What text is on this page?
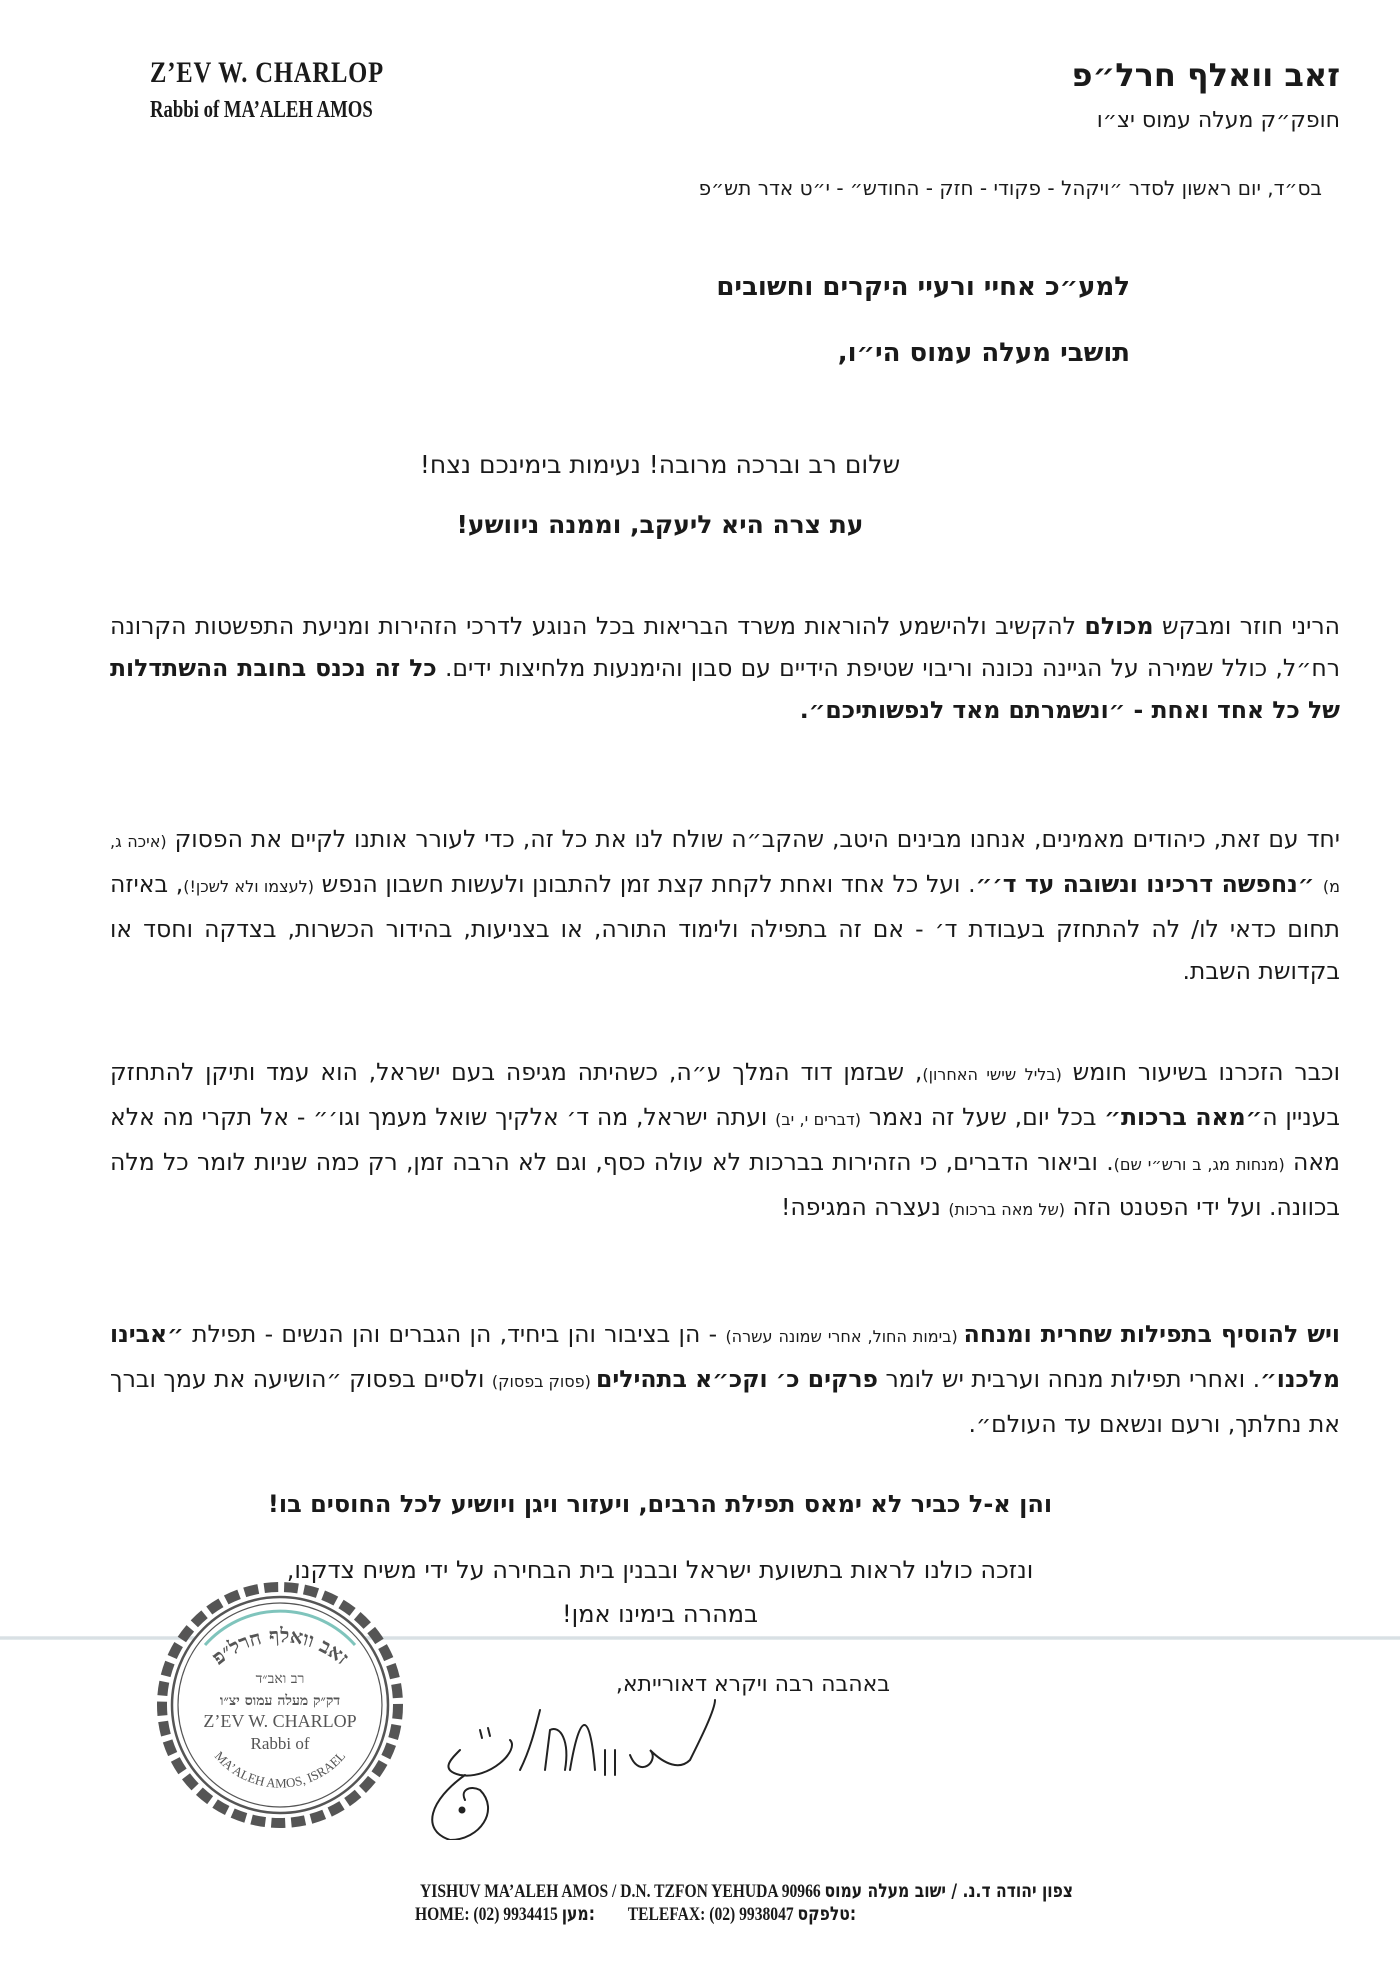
Z’EV W. CHARLOP
Rabbi of MA’ALEH AMOS
זאב וואלף חרל״פ
חופק״ק מעלה עמוס יצ״ו
בס״ד, יום ראשון לסדר ״ויקהל - פקודי - חזק - החודש״ - י״ט אדר תש״פ
למע״כ אחיי ורעיי היקרים וחשובים
תושבי מעלה עמוס הי״ו,
שלום רב וברכה מרובה! נעימות בימינכם נצח!
עת צרה היא ליעקב, וממנה ניוושע!
הריני חוזר ומבקש מכולם להקשיב ולהישמע להוראות משרד הבריאות בכל הנוגע לדרכי הזהירות ומניעת התפשטות הקרונה רח״ל, כולל שמירה על הגיינה נכונה וריבוי שטיפת הידיים עם סבון והימנעות מלחיצות ידים. כל זה נכנס בחובת ההשתדלות של כל אחד ואחת - ״ונשמרתם מאד לנפשותיכם״.
יחד עם זאת, כיהודים מאמינים, אנחנו מבינים היטב, שהקב״ה שולח לנו את כל זה, כדי לעורר אותנו לקיים את הפסוק (איכה ג, מ) ״נחפשה דרכינו ונשובה עד ד׳״. ועל כל אחד ואחת לקחת קצת זמן להתבונן ולעשות חשבון הנפש (לעצמו ולא לשכן!), באיזה תחום כדאי לו/ לה להתחזק בעבודת ד׳ - אם זה בתפילה ולימוד התורה, או בצניעות, בהידור הכשרות, בצדקה וחסד או בקדושת השבת.
וכבר הזכרנו בשיעור חומש (בליל שישי האחרון), שבזמן דוד המלך ע״ה, כשהיתה מגיפה בעם ישראל, הוא עמד ותיקן להתחזק בעניין ה״מאה ברכות״ בכל יום, שעל זה נאמר (דברים י, יב) ועתה ישראל, מה ד׳ אלקיך שואל מעמך וגו׳״ - אל תקרי מה אלא מאה (מנחות מג, ב ורש״י שם). וביאור הדברים, כי הזהירות בברכות לא עולה כסף, וגם לא הרבה זמן, רק כמה שניות לומר כל מלה בכוונה. ועל ידי הפטנט הזה (של מאה ברכות) נעצרה המגיפה!
ויש להוסיף בתפילות שחרית ומנחה (בימות החול, אחרי שמונה עשרה) - הן בציבור והן ביחיד, הן הגברים והן הנשים - תפילת ״אבינו מלכנו״. ואחרי תפילות מנחה וערבית יש לומר פרקים כ׳ וקכ״א בתהילים (פסוק בפסוק) ולסיים בפסוק ״הושיעה את עמך וברך את נחלתך, ורעם ונשאם עד העולם״.
והן א-ל כביר לא ימאס תפילת הרבים, ויעזור ויגן ויושיע לכל החוסים בו!
ונזכה כולנו לראות בתשועת ישראל ובבנין בית הבחירה על ידי משיח צדקנו,
במהרה בימינו אמן!
זאב וואלף חרל״פ
רב ואב״ד
דק״ק מעלה עמוס יצ״ו
Z’EV W. CHARLOP
Rabbi of
MA’ALEH AMOS, ISRAEL
באהבה רבה ויקרא דאורייתא,
YISHUV MA’ALEH AMOS / D.N. TZFON YEHUDA 90966 צפון יהודה ד.נ. / ישוב מעלה עמוס
HOME: (02) 9934415 :מען TELEFAX: (02) 9938047 :טלפקס
